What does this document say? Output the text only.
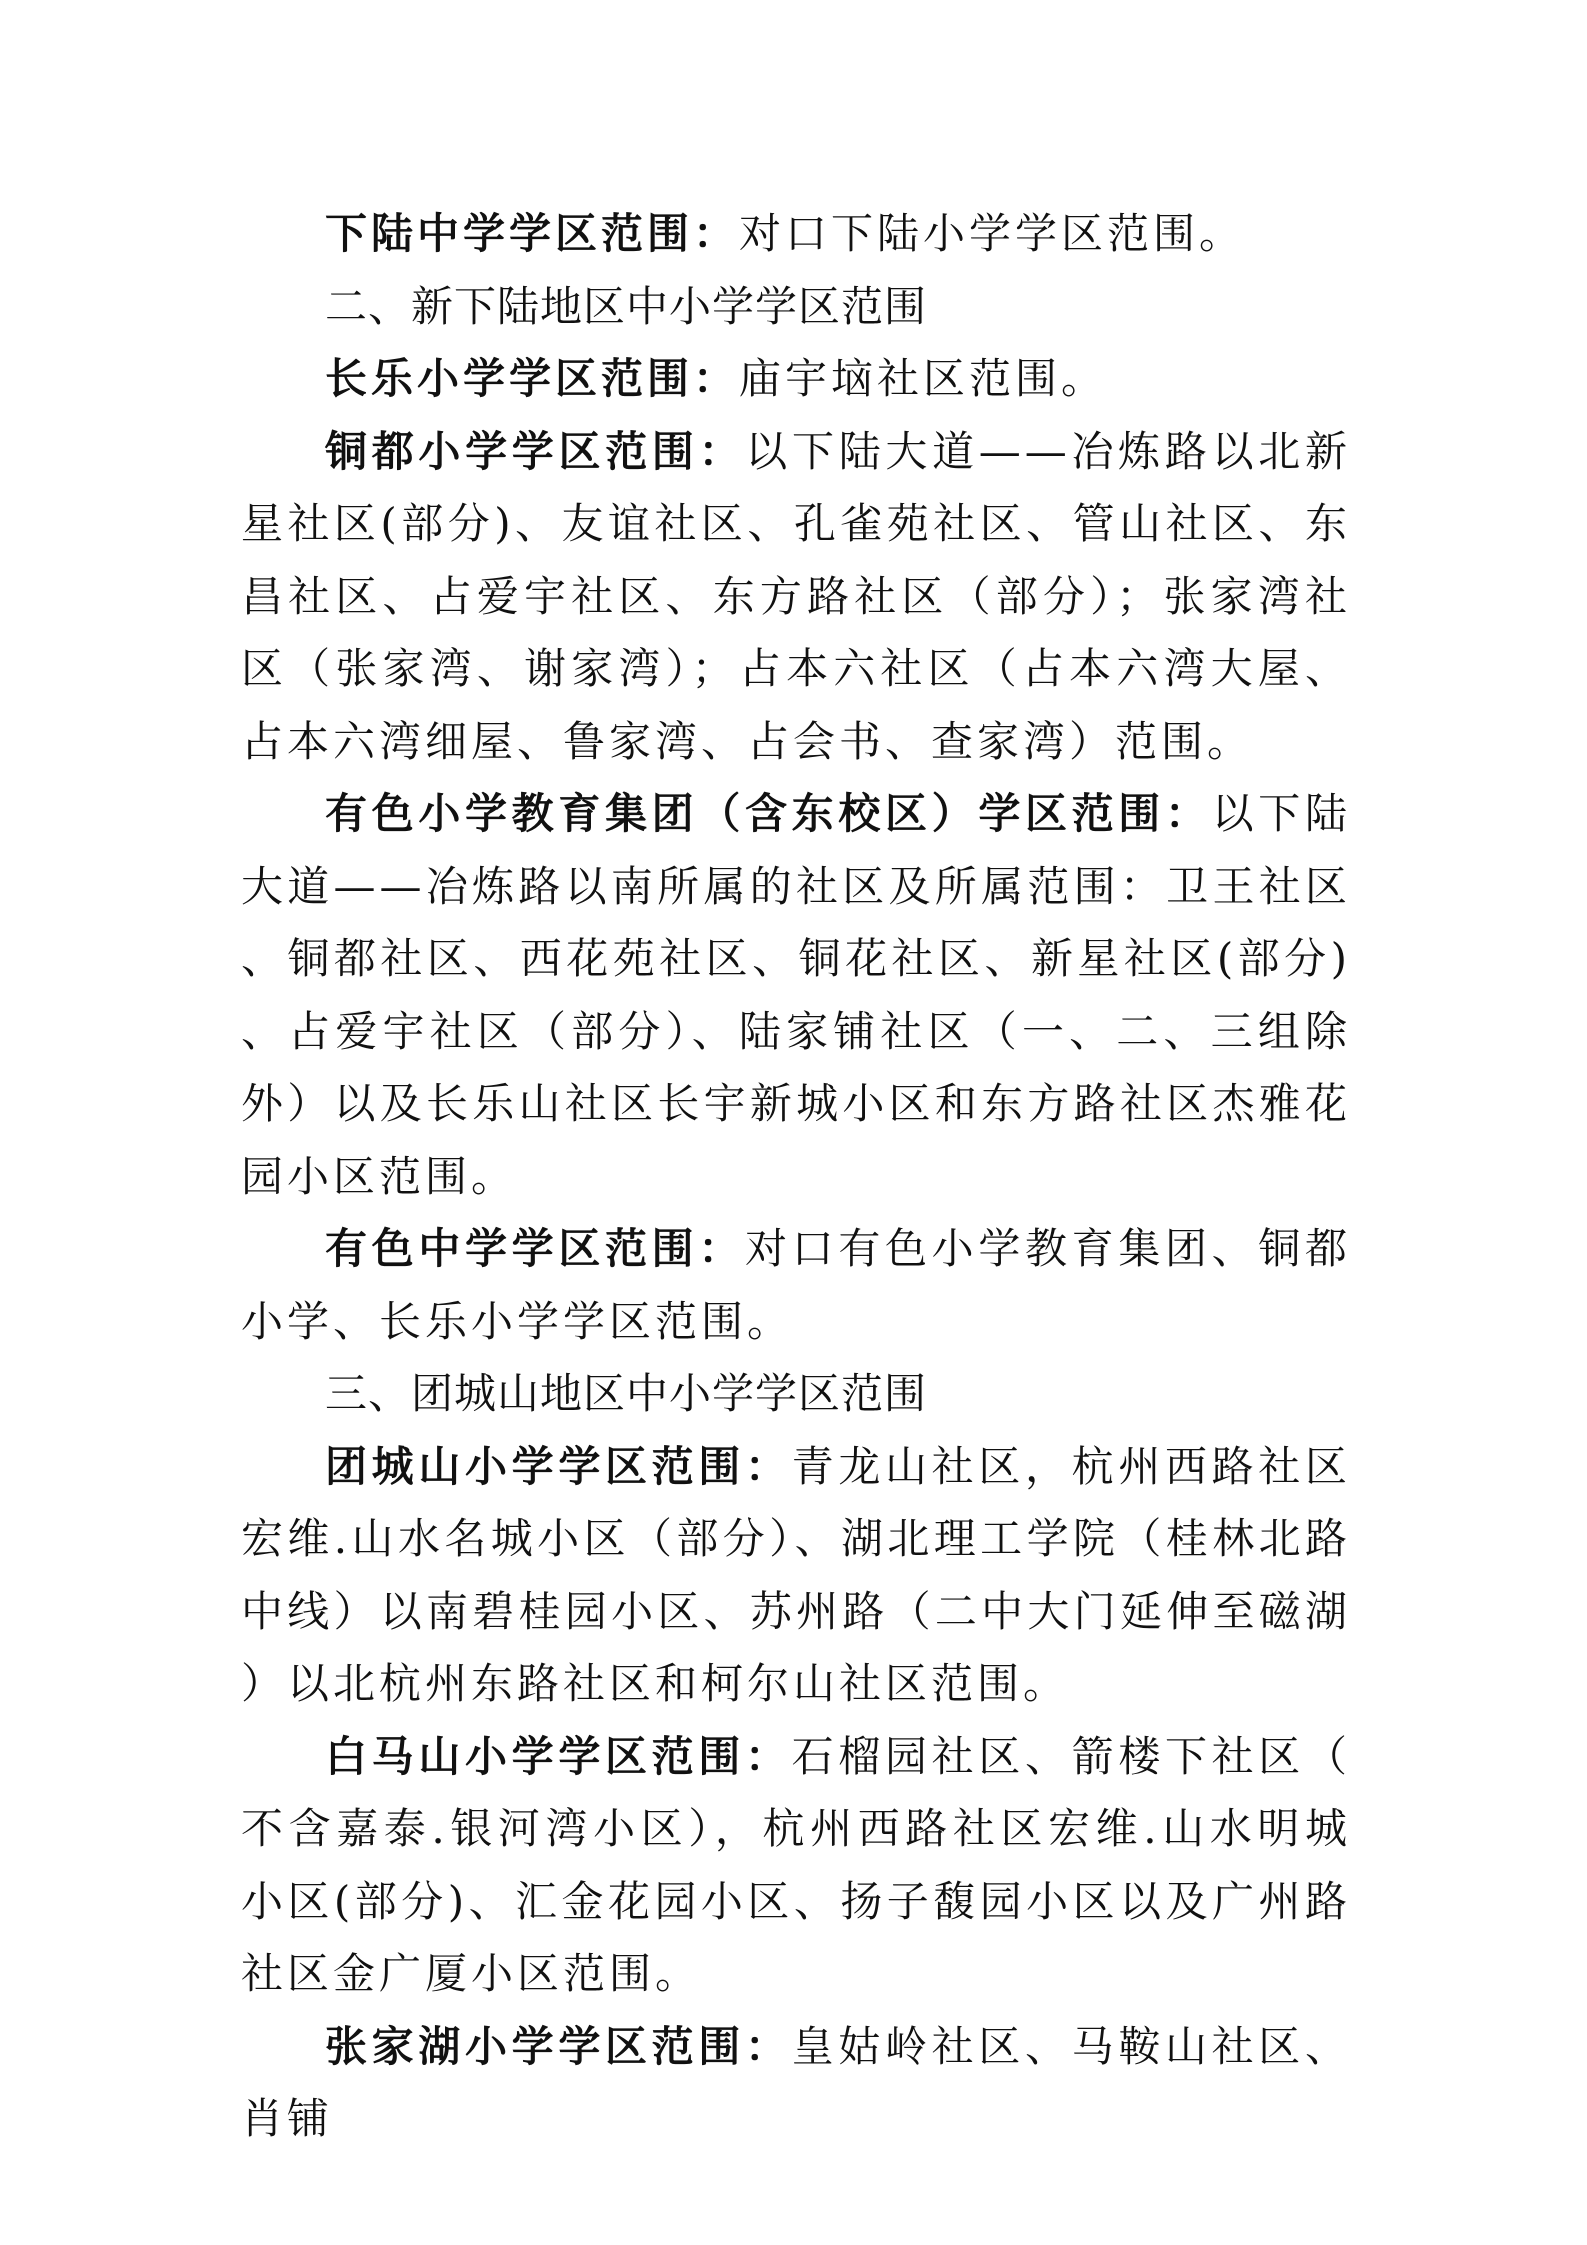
下陆中学学区范围：对口下陆小学学区范围。

二、新下陆地区中小学学区范围

长乐小学学区范围：庙宇垴社区范围。

铜都小学学区范围：以下陆大道——冶炼路以北新星社区(部分)、友谊社区、孔雀苑社区、管山社区、东昌社区、占爱宇社区、东方路社区（部分）；张家湾社区（张家湾、谢家湾）；占本六社区（占本六湾大屋、占本六湾细屋、鲁家湾、占会书、查家湾）范围。

有色小学教育集团（含东校区）学区范围：以下陆大道——冶炼路以南所属的社区及所属范围：卫王社区、铜都社区、西花苑社区、铜花社区、新星社区(部分)、占爱宇社区（部分）、陆家铺社区（一、二、三组除外）以及长乐山社区长宇新城小区和东方路社区杰雅花园小区范围。

有色中学学区范围：对口有色小学教育集团、铜都小学、长乐小学学区范围。

三、团城山地区中小学学区范围

团城山小学学区范围：青龙山社区，杭州西路社区宏维.山水名城小区（部分）、湖北理工学院（桂林北路中线）以南碧桂园小区、苏州路（二中大门延伸至磁湖）以北杭州东路社区和柯尔山社区范围。

白马山小学学区范围：石榴园社区、箭楼下社区（不含嘉泰.银河湾小区），杭州西路社区宏维.山水明城小区(部分)、汇金花园小区、扬子馥园小区以及广州路社区金广厦小区范围。

张家湖小学学区范围：皇姑岭社区、马鞍山社区、肖铺
